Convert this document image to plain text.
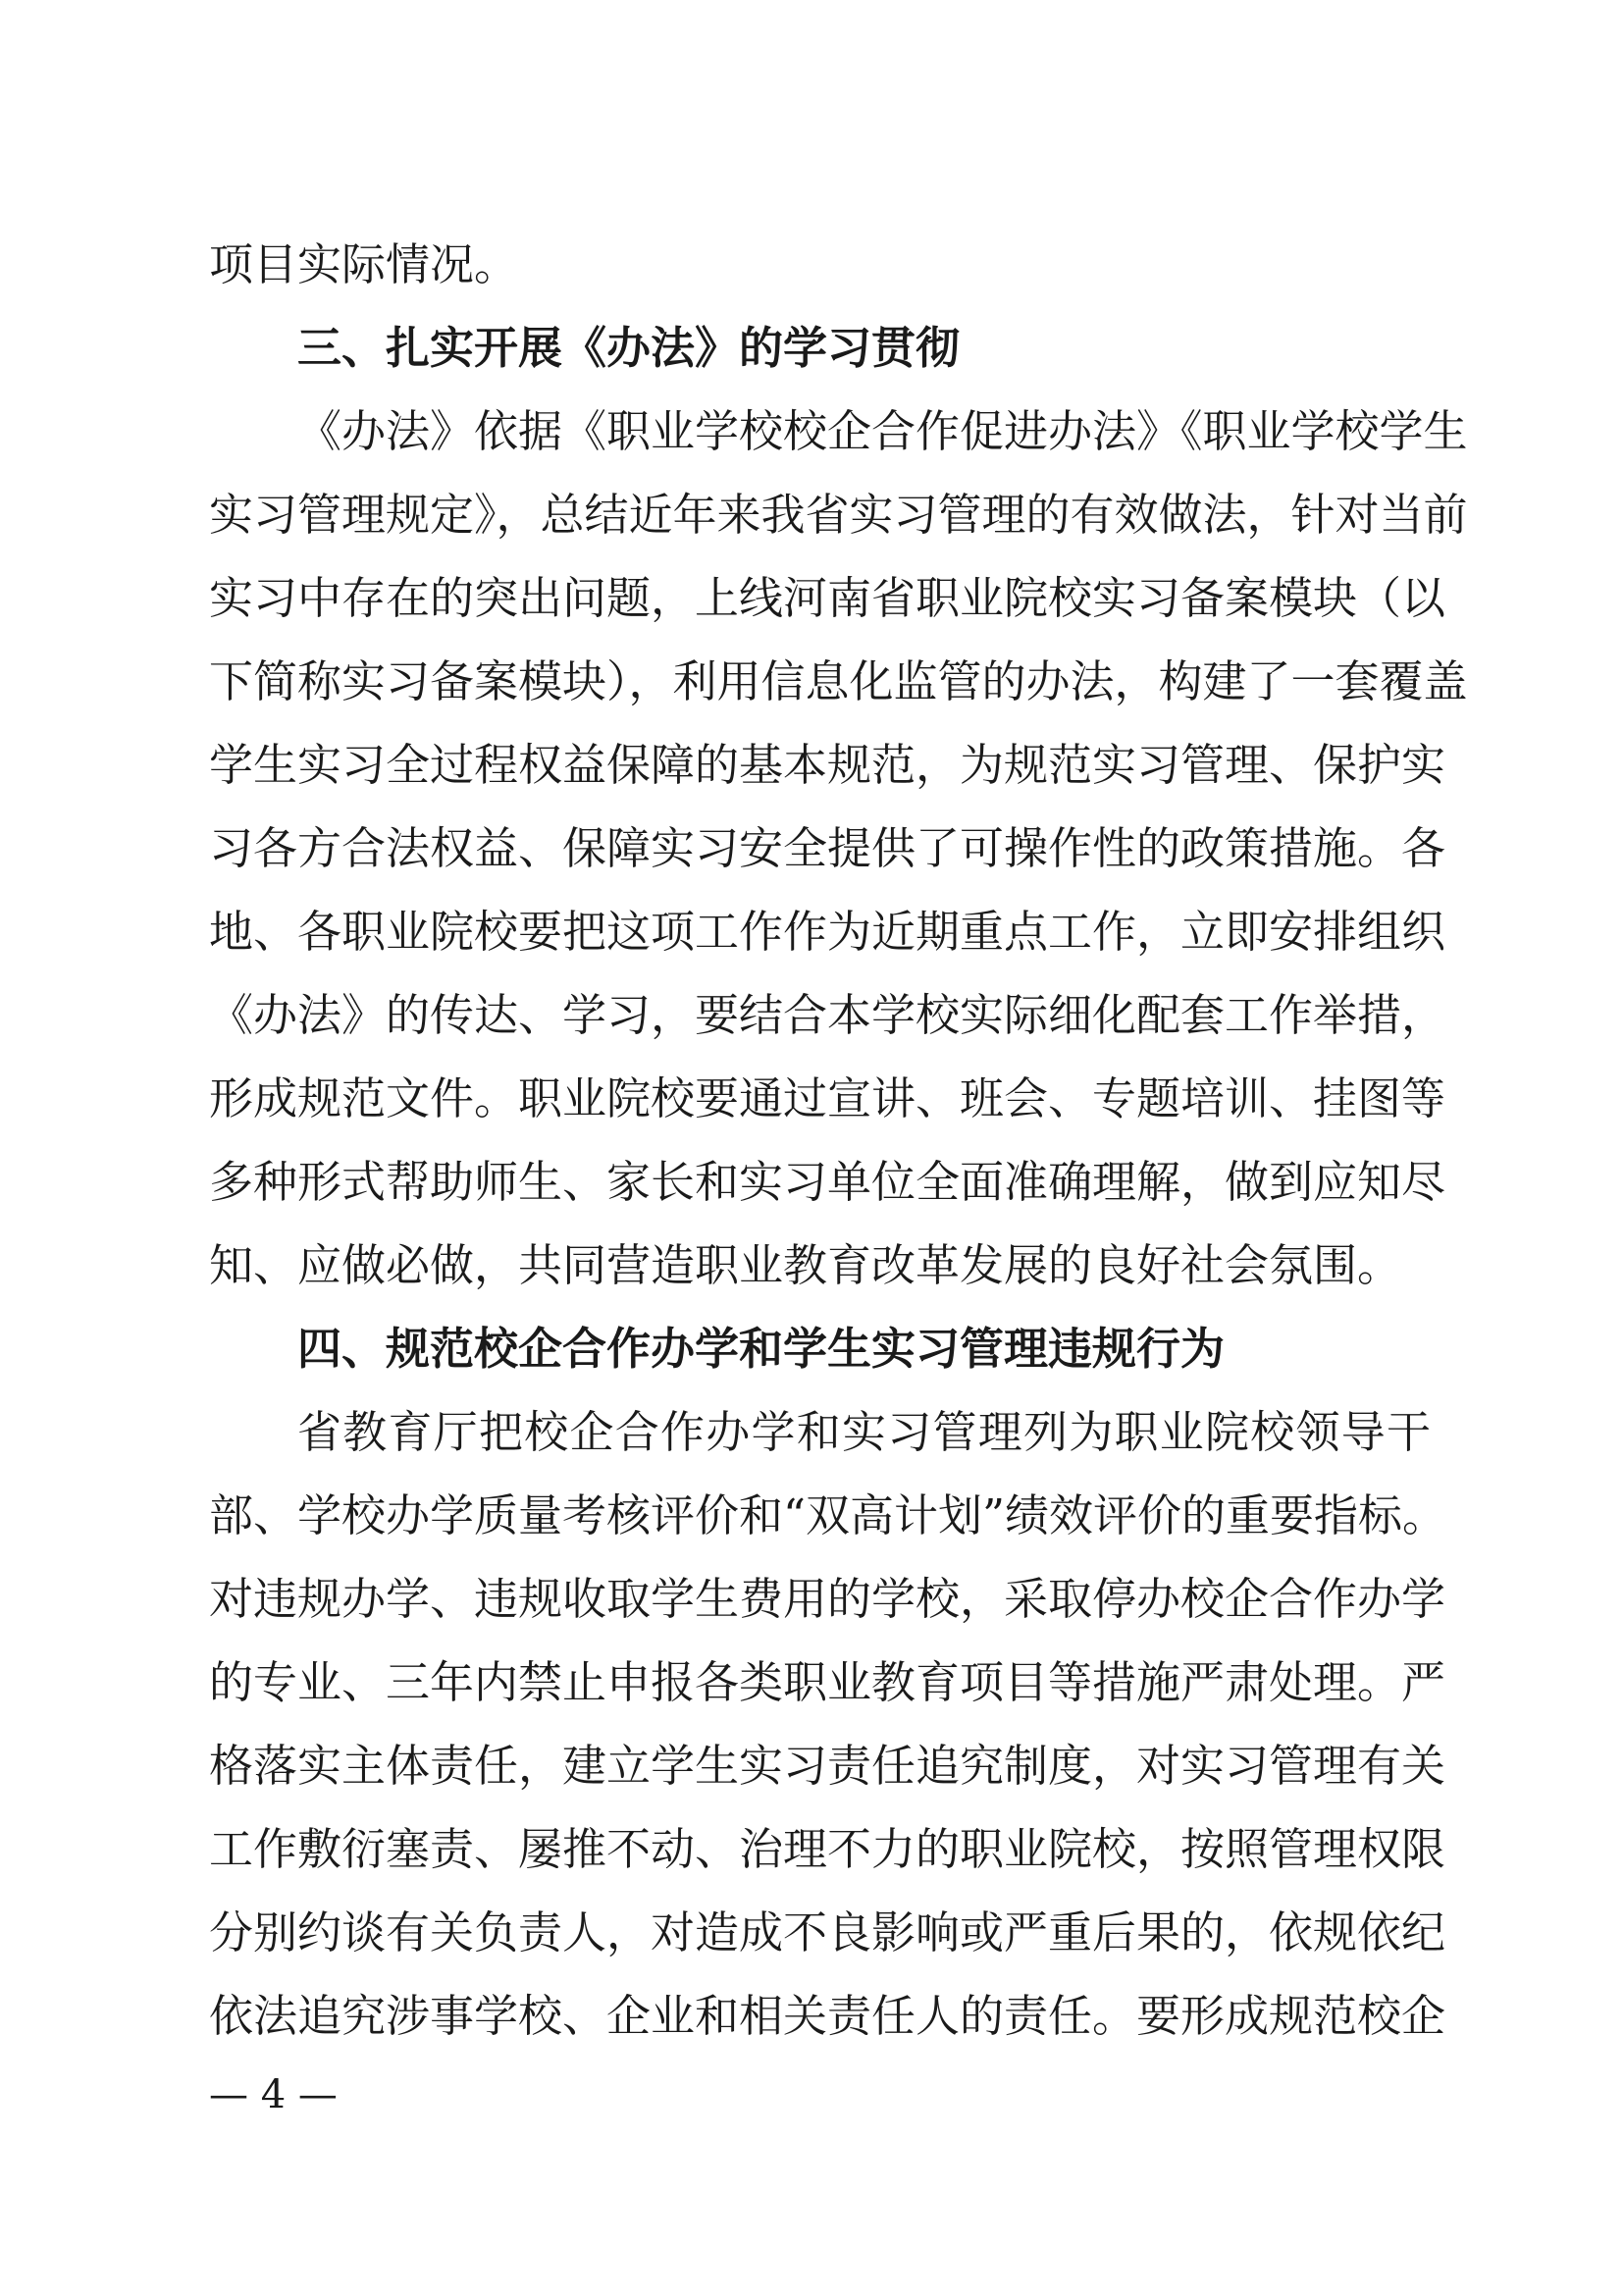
项目实际情况。
三、扎实开展《办法》的学习贯彻
《办法》依据《职业学校校企合作促进办法》《职业学校学生
实习管理规定》，总结近年来我省实习管理的有效做法，针对当前
实习中存在的突出问题，上线河南省职业院校实习备案模块（以
下简称实习备案模块），利用信息化监管的办法，构建了一套覆盖
学生实习全过程权益保障的基本规范，为规范实习管理、保护实
习各方合法权益、保障实习安全提供了可操作性的政策措施。各
地、各职业院校要把这项工作作为近期重点工作，立即安排组织
《办法》的传达、学习，要结合本学校实际细化配套工作举措，
形成规范文件。职业院校要通过宣讲、班会、专题培训、挂图等
多种形式帮助师生、家长和实习单位全面准确理解，做到应知尽
知、应做必做，共同营造职业教育改革发展的良好社会氛围。
四、规范校企合作办学和学生实习管理违规行为
省教育厅把校企合作办学和实习管理列为职业院校领导干
部、学校办学质量考核评价和“双高计划”绩效评价的重要指标。
对违规办学、违规收取学生费用的学校，采取停办校企合作办学
的专业、三年内禁止申报各类职业教育项目等措施严肃处理。严
格落实主体责任，建立学生实习责任追究制度，对实习管理有关
工作敷衍塞责、屡推不动、治理不力的职业院校，按照管理权限
分别约谈有关负责人，对造成不良影响或严重后果的，依规依纪
依法追究涉事学校、企业和相关责任人的责任。要形成规范校企
— 4 —
